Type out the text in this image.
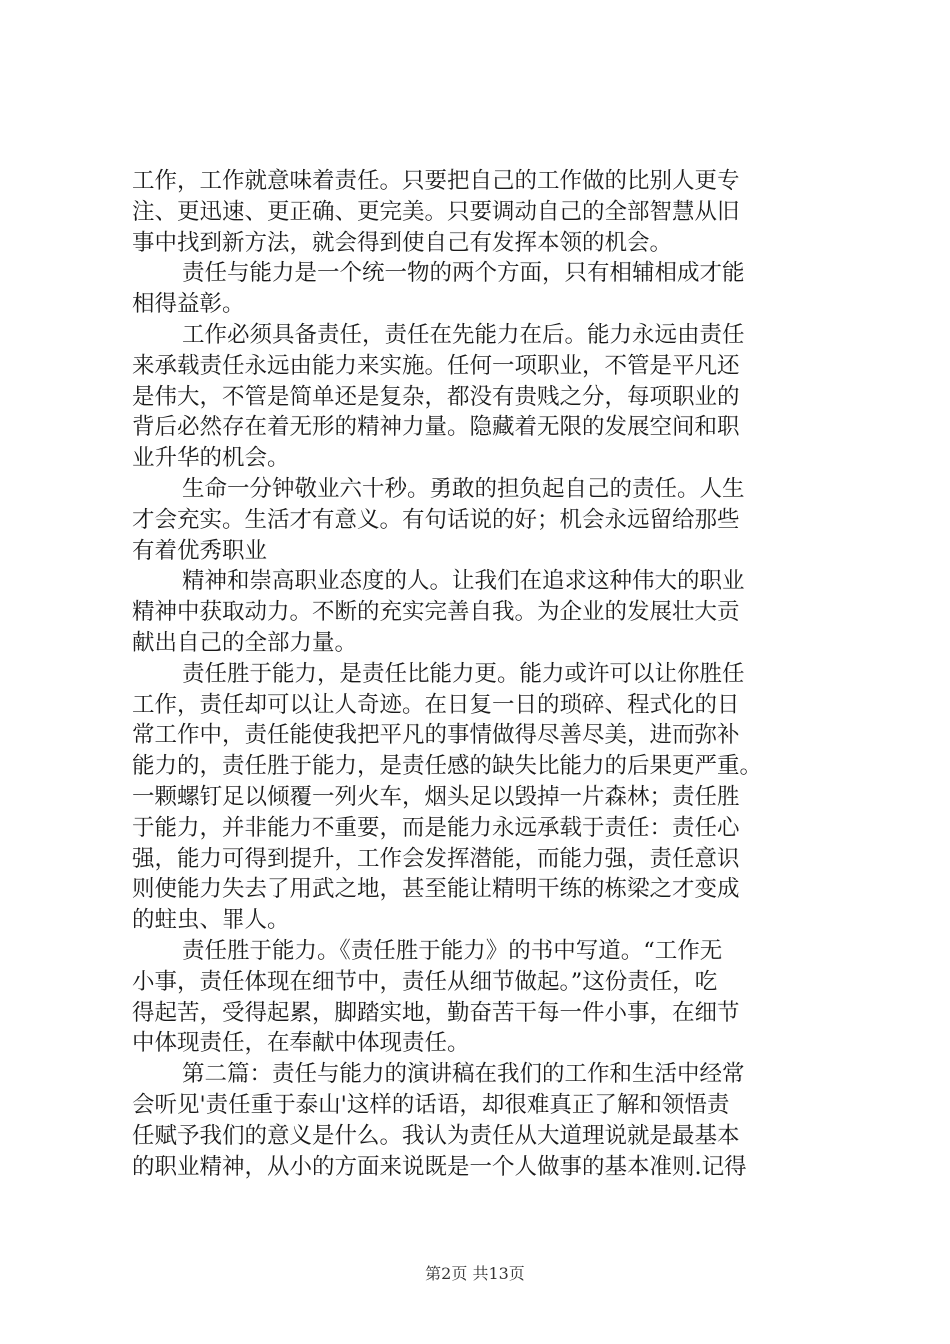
工作，工作就意味着责任。只要把自己的工作做的比别人更专
注、更迅速、更正确、更完美。只要调动自己的全部智慧从旧
事中找到新方法，就会得到使自己有发挥本领的机会。
责任与能力是一个统一物的两个方面，只有相辅相成才能
相得益彰。
工作必须具备责任，责任在先能力在后。能力永远由责任
来承载责任永远由能力来实施。任何一项职业，不管是平凡还
是伟大，不管是简单还是复杂，都没有贵贱之分，每项职业的
背后必然存在着无形的精神力量。隐藏着无限的发展空间和职
业升华的机会。
生命一分钟敬业六十秒。勇敢的担负起自己的责任。人生
才会充实。生活才有意义。有句话说的好；机会永远留给那些
有着优秀职业
精神和崇高职业态度的人。让我们在追求这种伟大的职业
精神中获取动力。不断的充实完善自我。为企业的发展壮大贡
献出自己的全部力量。
责任胜于能力，是责任比能力更。能力或许可以让你胜任
工作，责任却可以让人奇迹。在日复一日的琐碎、程式化的日
常工作中，责任能使我把平凡的事情做得尽善尽美，进而弥补
能力的，责任胜于能力，是责任感的缺失比能力的后果更严重。
一颗螺钉足以倾覆一列火车，烟头足以毁掉一片森林；责任胜
于能力，并非能力不重要，而是能力永远承载于责任：责任心
强，能力可得到提升，工作会发挥潜能，而能力强，责任意识
则使能力失去了用武之地，甚至能让精明干练的栋梁之才变成
的蛀虫、罪人。
责任胜于能力。《责任胜于能力》的书中写道。“工作无
小事，责任体现在细节中，责任从细节做起。”这份责任，吃
得起苦，受得起累，脚踏实地，勤奋苦干每一件小事，在细节
中体现责任，在奉献中体现责任。
第二篇：责任与能力的演讲稿在我们的工作和生活中经常
会听见'责任重于泰山'这样的话语，却很难真正了解和领悟责
任赋予我们的意义是什么。我认为责任从大道理说就是最基本
的职业精神，从小的方面来说既是一个人做事的基本准则.记得
第2页 共13页
